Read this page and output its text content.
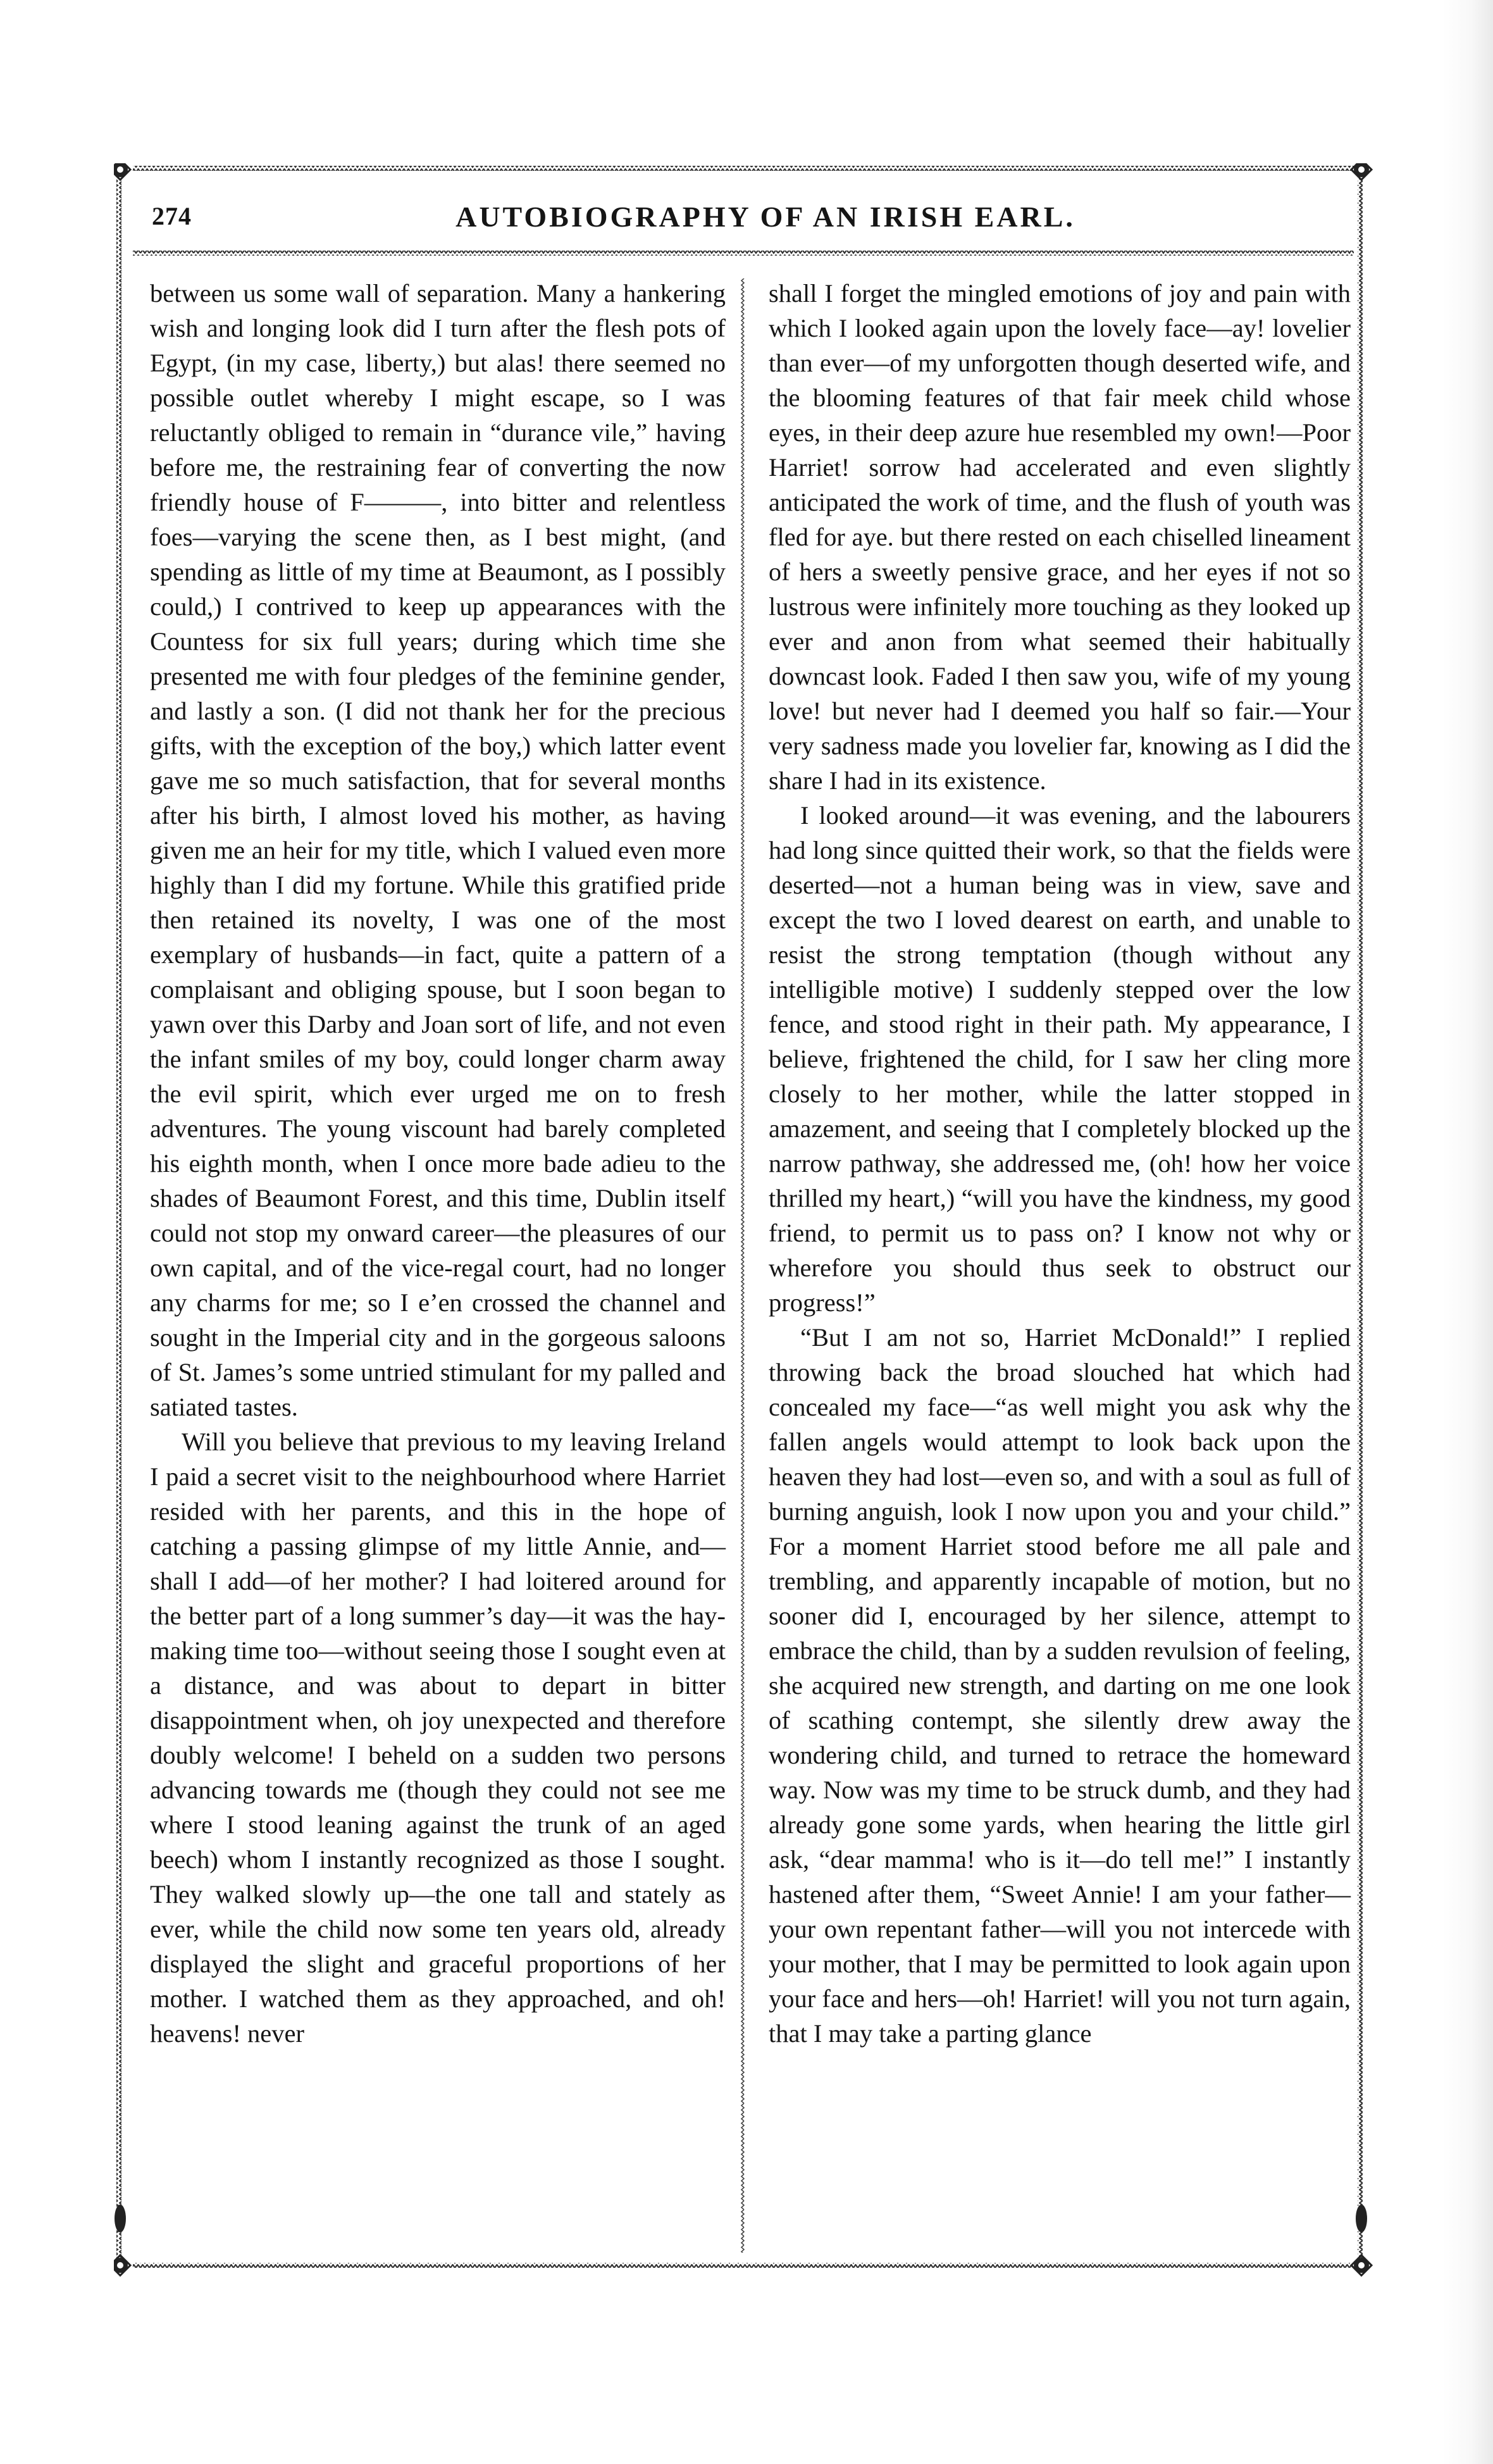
274	AUTOBIOGRAPHY OF AN IRISH EARL.

between us some wall of separation. Many a hankering wish and longing look did I turn after the flesh pots of Egypt, (in my case, liberty,) but alas! there seemed no possible outlet whereby I might escape, so I was reluctantly obliged to remain in “durance vile,” having before me, the restraining fear of converting the now friendly house of F———, into bitter and relentless foes—varying the scene then, as I best might, (and spending as little of my time at Beaumont, as I possibly could,) I contrived to keep up appearances with the Countess for six full years; during which time she presented me with four pledges of the feminine gender, and lastly a son. (I did not thank her for the precious gifts, with the exception of the boy,) which latter event gave me so much satisfaction, that for several months after his birth, I almost loved his mother, as having given me an heir for my title, which I valued even more highly than I did my fortune. While this gratified pride then retained its novelty, I was one of the most exemplary of husbands—in fact, quite a pattern of a complaisant and obliging spouse, but I soon began to yawn over this Darby and Joan sort of life, and not even the infant smiles of my boy, could longer charm away the evil spirit, which ever urged me on to fresh adventures. The young viscount had barely completed his eighth month, when I once more bade adieu to the shades of Beaumont Forest, and this time, Dublin itself could not stop my onward career—the pleasures of our own capital, and of the vice-regal court, had no longer any charms for me; so I e’en crossed the channel and sought in the Imperial city and in the gorgeous saloons of St. James’s some untried stimulant for my palled and satiated tastes.

Will you believe that previous to my leaving Ireland I paid a secret visit to the neighbourhood where Harriet resided with her parents, and this in the hope of catching a passing glimpse of my little Annie, and—shall I add—of her mother? I had loitered around for the better part of a long summer’s day—it was the hay-making time too—without seeing those I sought even at a distance, and was about to depart in bitter disappointment when, oh joy unexpected and therefore doubly welcome! I beheld on a sudden two persons advancing towards me (though they could not see me where I stood leaning against the trunk of an aged beech) whom I instantly recognized as those I sought. They walked slowly up—the one tall and stately as ever, while the child now some ten years old, already displayed the slight and graceful proportions of her mother. I watched them as they approached, and oh! heavens! never

shall I forget the mingled emotions of joy and pain with which I looked again upon the lovely face—ay! lovelier than ever—of my unforgotten though deserted wife, and the blooming features of that fair meek child whose eyes, in their deep azure hue resembled my own!—Poor Harriet! sorrow had accelerated and even slightly anticipated the work of time, and the flush of youth was fled for aye. but there rested on each chiselled lineament of hers a sweetly pensive grace, and her eyes if not so lustrous were infinitely more touching as they looked up ever and anon from what seemed their habitually downcast look. Faded I then saw you, wife of my young love! but never had I deemed you half so fair.—Your very sadness made you lovelier far, knowing as I did the share I had in its existence.

I looked around—it was evening, and the labourers had long since quitted their work, so that the fields were deserted—not a human being was in view, save and except the two I loved dearest on earth, and unable to resist the strong temptation (though without any intelligible motive) I suddenly stepped over the low fence, and stood right in their path. My appearance, I believe, frightened the child, for I saw her cling more closely to her mother, while the latter stopped in amazement, and seeing that I completely blocked up the narrow pathway, she addressed me, (oh! how her voice thrilled my heart,) “will you have the kindness, my good friend, to permit us to pass on? I know not why or wherefore you should thus seek to obstruct our progress!”

“But I am not so, Harriet McDonald!” I replied throwing back the broad slouched hat which had concealed my face—“as well might you ask why the fallen angels would attempt to look back upon the heaven they had lost—even so, and with a soul as full of burning anguish, look I now upon you and your child.” For a moment Harriet stood before me all pale and trembling, and apparently incapable of motion, but no sooner did I, encouraged by her silence, attempt to embrace the child, than by a sudden revulsion of feeling, she acquired new strength, and darting on me one look of scathing contempt, she silently drew away the wondering child, and turned to retrace the homeward way. Now was my time to be struck dumb, and they had already gone some yards, when hearing the little girl ask, “dear mamma! who is it—do tell me!” I instantly hastened after them, “Sweet Annie! I am your father—your own repentant father—will you not intercede with your mother, that I may be permitted to look again upon your face and hers—oh! Harriet! will you not turn again, that I may take a parting glance
